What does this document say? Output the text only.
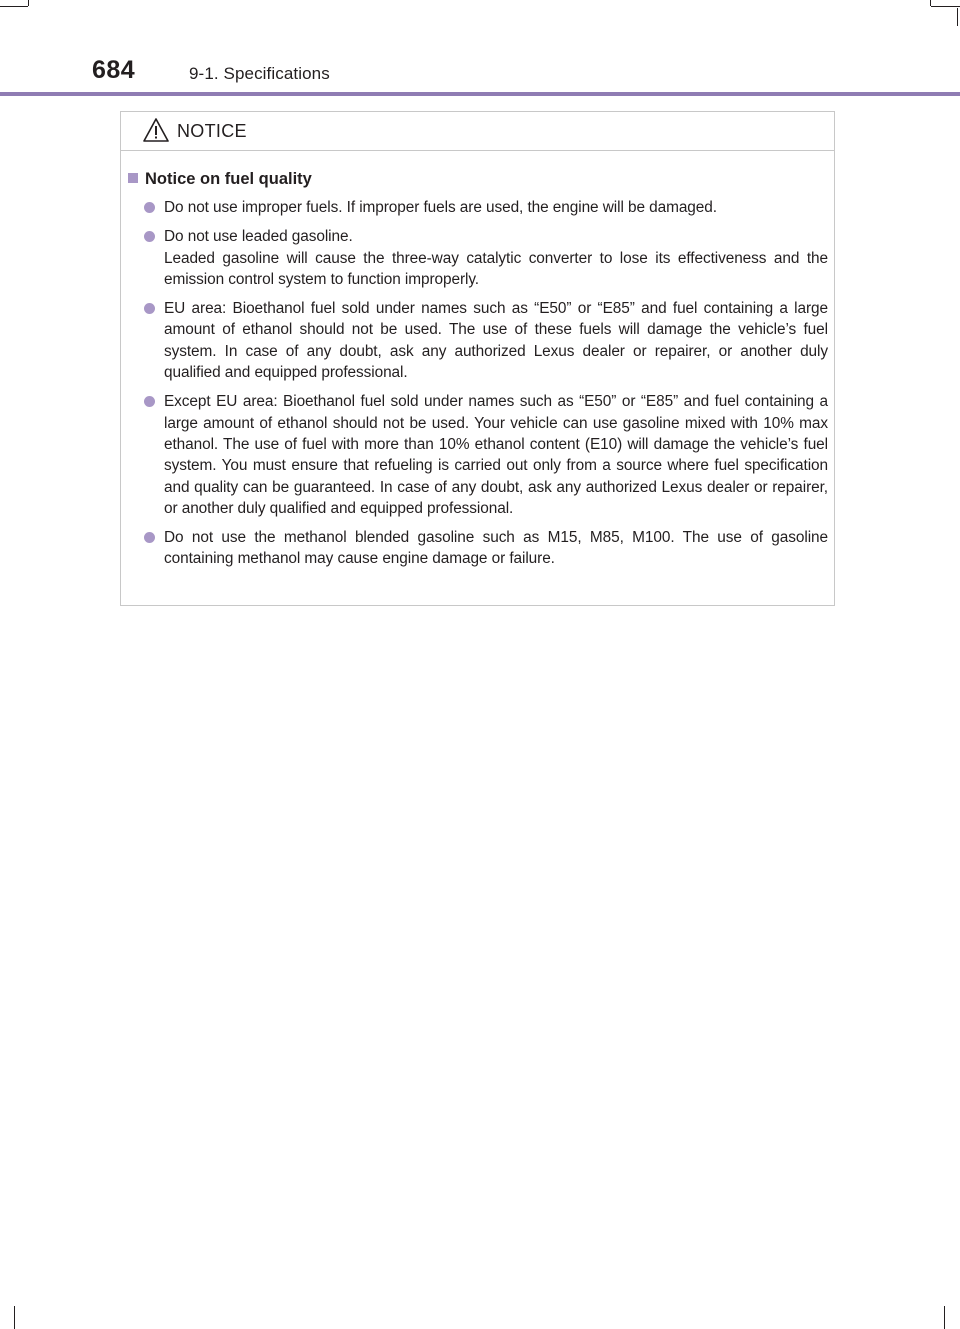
684	9-1. Specifications
NOTICE
Notice on fuel quality
Do not use improper fuels. If improper fuels are used, the engine will be damaged.
Do not use leaded gasoline.
Leaded gasoline will cause the three-way catalytic converter to lose its effectiveness and the emission control system to function improperly.
EU area: Bioethanol fuel sold under names such as “E50” or “E85” and fuel containing a large amount of ethanol should not be used. The use of these fuels will damage the vehicle’s fuel system. In case of any doubt, ask any authorized Lexus dealer or repairer, or another duly qualified and equipped professional.
Except EU area: Bioethanol fuel sold under names such as “E50” or “E85” and fuel containing a large amount of ethanol should not be used. Your vehicle can use gasoline mixed with 10% max ethanol. The use of fuel with more than 10% ethanol content (E10) will damage the vehicle’s fuel system. You must ensure that refueling is carried out only from a source where fuel specification and quality can be guaranteed. In case of any doubt, ask any authorized Lexus dealer or repairer, or another duly qualified and equipped professional.
Do not use the methanol blended gasoline such as M15, M85, M100. The use of gasoline containing methanol may cause engine damage or failure.
